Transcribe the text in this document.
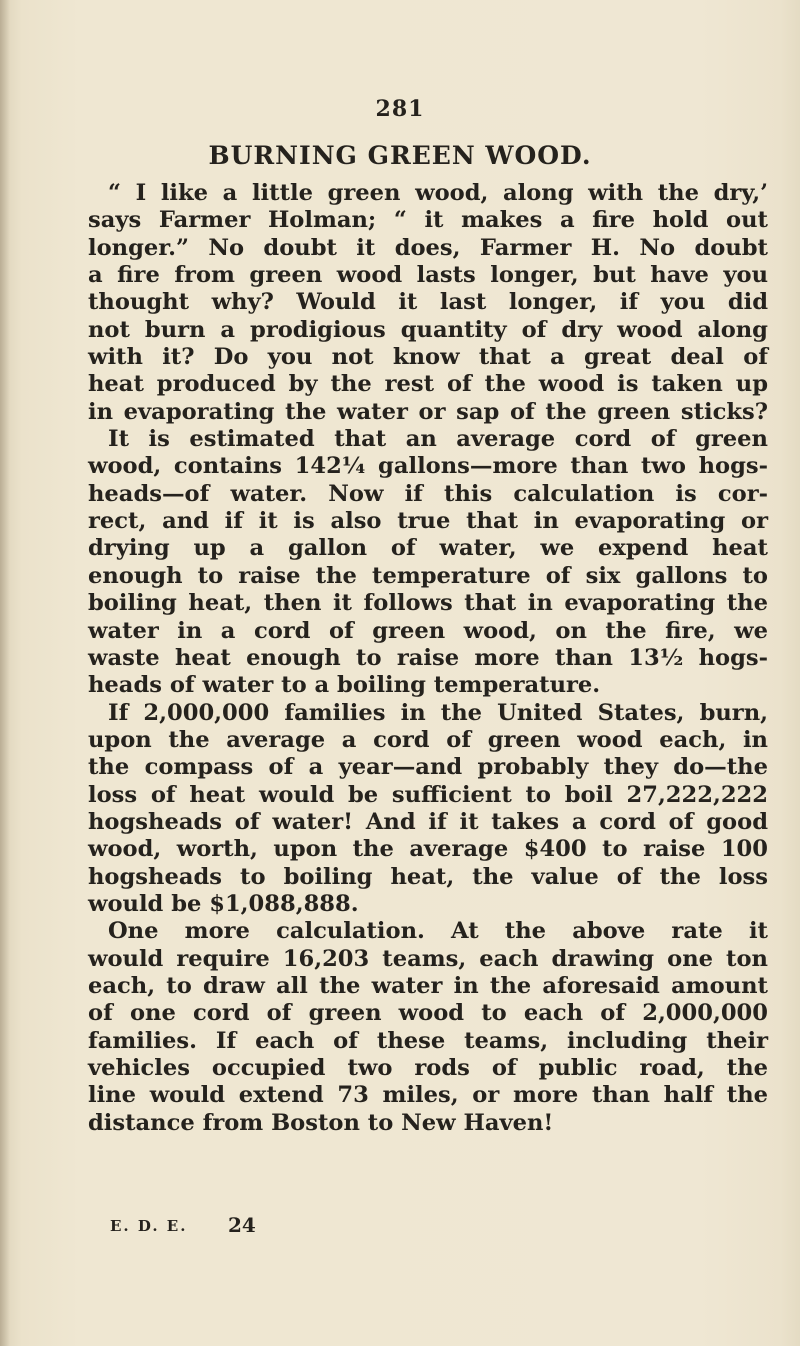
281
BURNING GREEN WOOD.
“ I like a little green wood, along with the dry,’
says Farmer Holman; “ it makes a fire hold out
longer.” No doubt it does, Farmer H. No doubt
a fire from green wood lasts longer, but have you
thought why? Would it last longer, if you did
not burn a prodigious quantity of dry wood along
with it? Do you not know that a great deal of
heat produced by the rest of the wood is taken up
in evaporating the water or sap of the green sticks?
It is estimated that an average cord of green
wood, contains 142¼ gallons—more than two hogs-
heads—of water. Now if this calculation is cor-
rect, and if it is also true that in evaporating or
drying up a gallon of water, we expend heat
enough to raise the temperature of six gallons to
boiling heat, then it follows that in evaporating the
water in a cord of green wood, on the fire, we
waste heat enough to raise more than 13½ hogs-
heads of water to a boiling temperature.
If 2,000,000 families in the United States, burn,
upon the average a cord of green wood each, in
the compass of a year—and probably they do—the
loss of heat would be sufficient to boil 27,222,222
hogsheads of water! And if it takes a cord of good
wood, worth, upon the average $400 to raise 100
hogsheads to boiling heat, the value of the loss
would be $1,088,888.
One more calculation. At the above rate it
would require 16,203 teams, each drawing one ton
each, to draw all the water in the aforesaid amount
of one cord of green wood to each of 2,000,000
families. If each of these teams, including their
vehicles occupied two rods of public road, the
line would extend 73 miles, or more than half the
distance from Boston to New Haven!
E. D. E. 24
